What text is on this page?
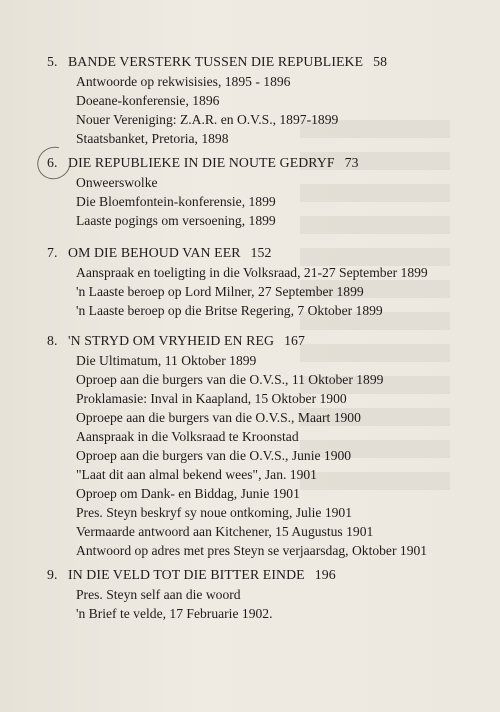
5. BANDE VERSTERK TUSSEN DIE REPUBLIEKE 58
Antwoorde op rekwisisies, 1895 - 1896
Doeane-konferensie, 1896
Nouer Vereniging: Z.A.R. en O.V.S., 1897-1899
Staatsbanket, Pretoria, 1898
6. DIE REPUBLIEKE IN DIE NOUTE GEDRYF 73
Onweerswolke
Die Bloemfontein-konferensie, 1899
Laaste pogings om versoening, 1899
7. OM DIE BEHOUD VAN EER 152
Aanspraak en toeligting in die Volksraad, 21-27 September 1899
'n Laaste beroep op Lord Milner, 27 September 1899
'n Laaste beroep op die Britse Regering, 7 Oktober 1899
8. 'N STRYD OM VRYHEID EN REG 167
Die Ultimatum, 11 Oktober 1899
Oproep aan die burgers van die O.V.S., 11 Oktober 1899
Proklamasie: Inval in Kaapland, 15 Oktober 1900
Oproepe aan die burgers van die O.V.S., Maart 1900
Aanspraak in die Volksraad te Kroonstad
Oproep aan die burgers van die O.V.S., Junie 1900
"Laat dit aan almal bekend wees", Jan. 1901
Oproep om Dank- en Biddag, Junie 1901
Pres. Steyn beskryf sy noue ontkoming, Julie 1901
Vermaarde antwoord aan Kitchener, 15 Augustus 1901
Antwoord op adres met pres Steyn se verjaarsdag, Oktober 1901
9. IN DIE VELD TOT DIE BITTER EINDE 196
Pres. Steyn self aan die woord
'n Brief te velde, 17 Februarie 1902.
